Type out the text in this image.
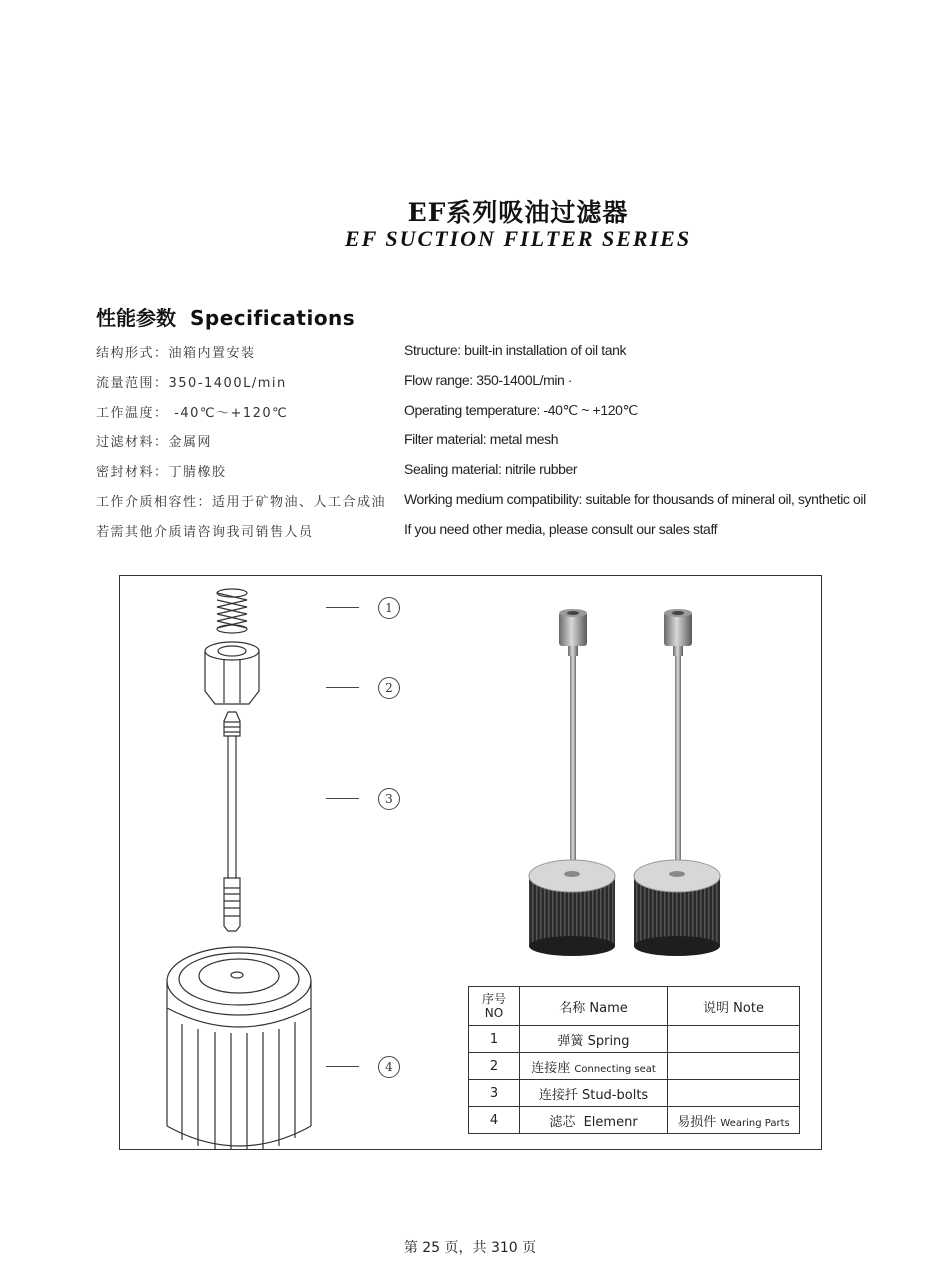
EF系列吸油过滤器
EF SUCTION FILTER SERIES
性能参数 Specifications
结构形式：油箱内置安装	Structure: built-in installation of oil tank
流量范围：350-1400L/min	Flow range: 350-1400L/min ·
工作温度： -40℃～+120℃	Operating temperature: -40℃ ~ +120℃
过滤材料：金属网	Filter material: metal mesh
密封材料：丁腈橡胶	Sealing material: nitrile rubber
工作介质相容性：适用于矿物油、人工合成油 Working medium compatibility: suitable for thousands of mineral oil, synthetic oil
若需其他介质请咨询我司销售人员	If you need other media, please consult our sales staff
1
2
3
4
序号
NO	名称 Name	说明 Note
1	弹簧 Spring	
2	连接座 Connecting seat	
3	连接扦 Stud-bolts	
4	滤芯 Elemenr	易损件 Wearing Parts
第 25 页，共 310 页
